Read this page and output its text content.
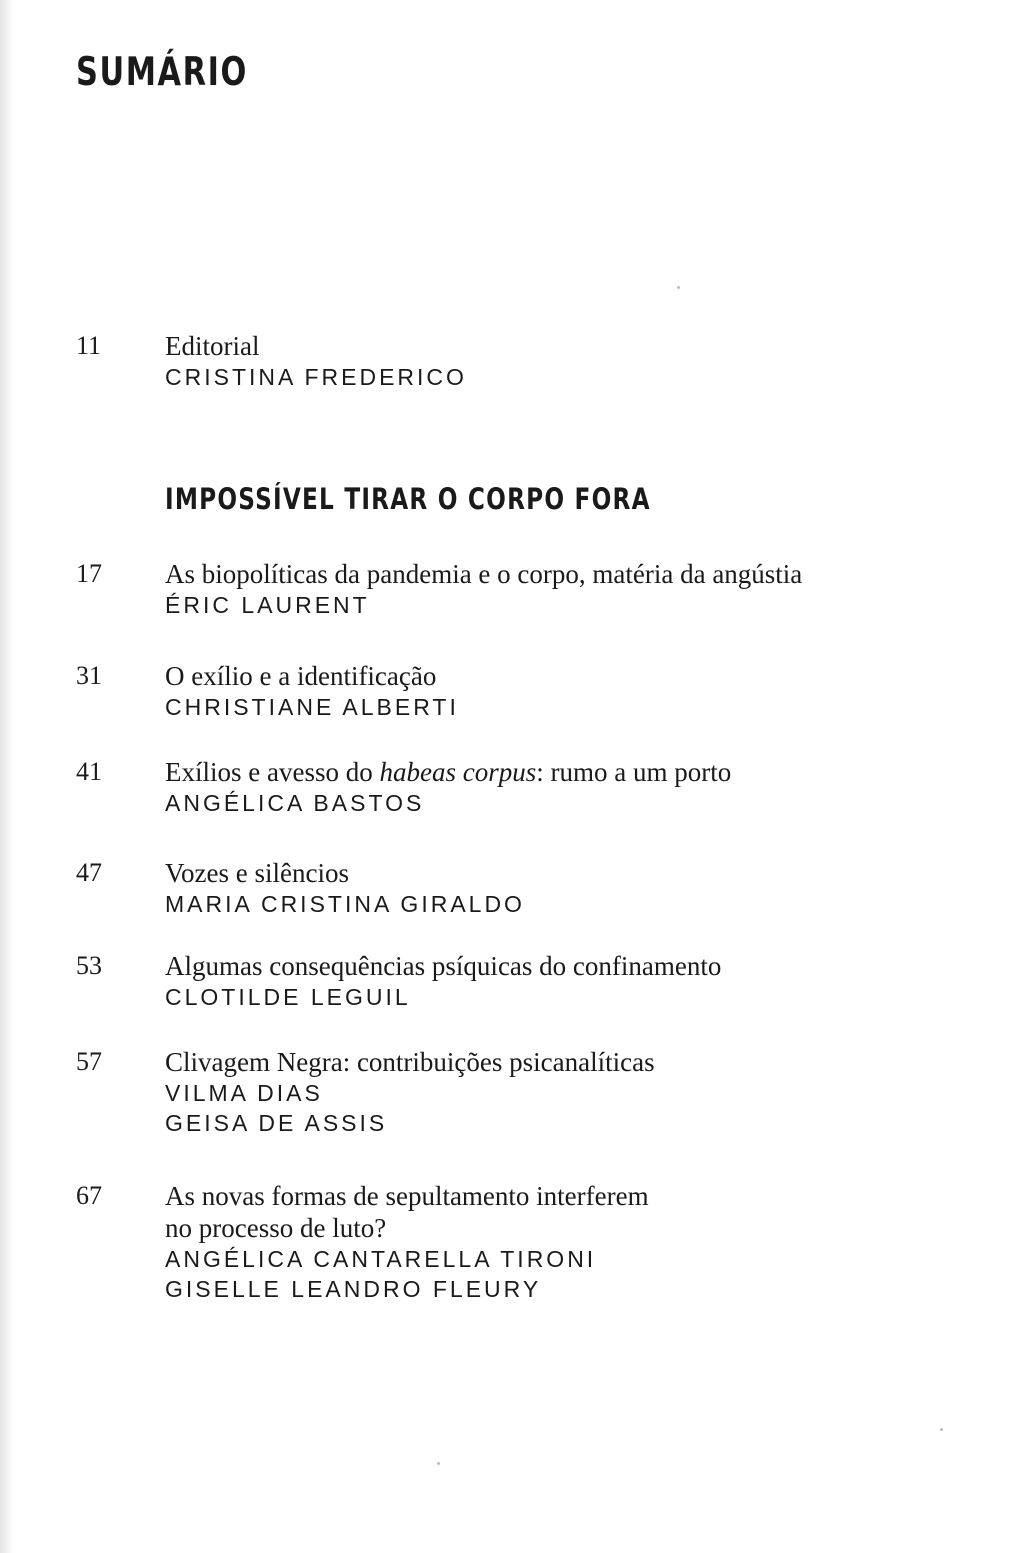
SUMÁRIO
11 Editorial
CRISTINA FREDERICO
IMPOSSÍVEL TIRAR O CORPO FORA
17 As biopolíticas da pandemia e o corpo, matéria da angústia
ÉRIC LAURENT
31 O exílio e a identificação
CHRISTIANE ALBERTI
41 Exílios e avesso do habeas corpus: rumo a um porto
ANGÉLICA BASTOS
47 Vozes e silêncios
MARIA CRISTINA GIRALDO
53 Algumas consequências psíquicas do confinamento
CLOTILDE LEGUIL
57 Clivagem Negra: contribuições psicanalíticas
VILMA DIAS
GEISA DE ASSIS
67 As novas formas de sepultamento interferem
no processo de luto?
ANGÉLICA CANTARELLA TIRONI
GISELLE LEANDRO FLEURY
